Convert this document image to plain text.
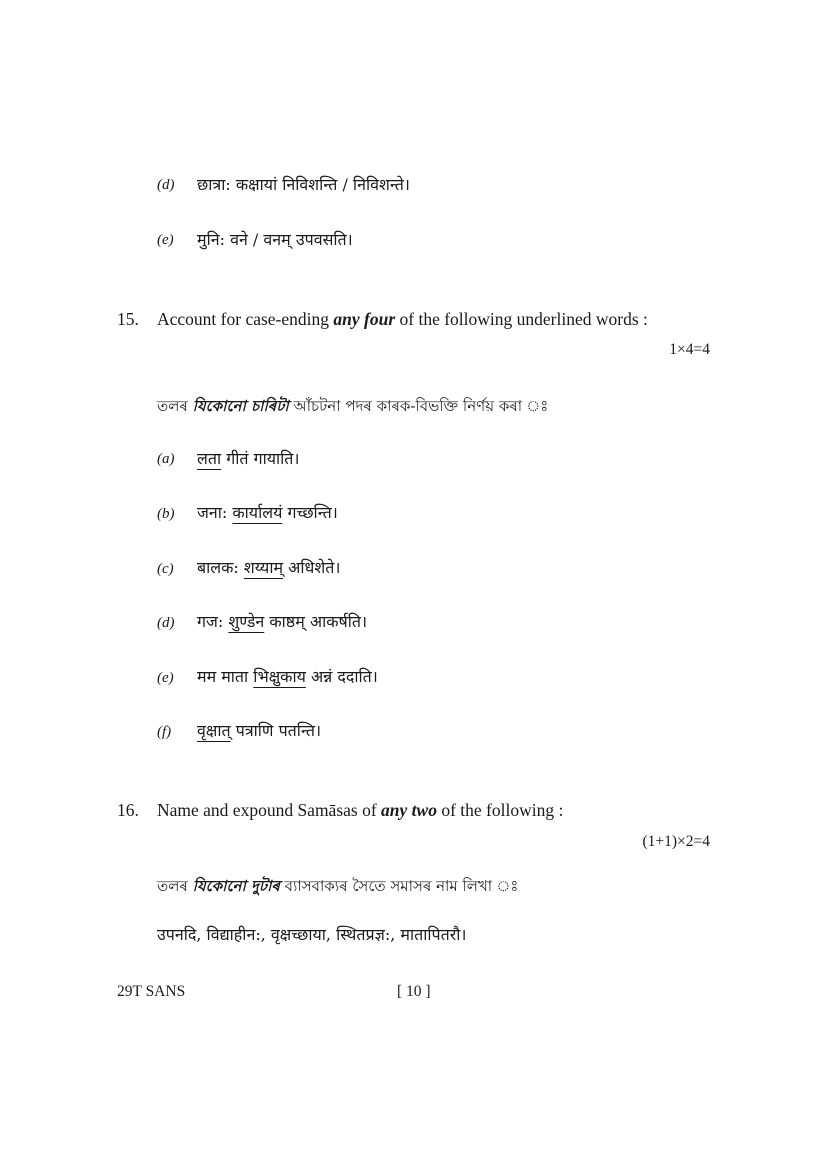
(d) छात्रा: कक्षायां निविशन्ति / निविशन्ते।
(e) मुनि: वने / वनम् उपवसति।
15. Account for case-ending any four of the following underlined words :
1×4=4
তলৰ যিকোনো চাৰিটা আঁচটনা পদৰ কাৰক-বিভক্তি নিৰ্ণয় কৰা ঃ
(a) लता गीतं गायाति।
(b) जना: कार्यालयं गच्छन्ति।
(c) बालक: शय्याम् अधिशेते।
(d) गज: शुण्डेन काष्ठम् आकर्षति।
(e) मम माता भिक्षुकाय अन्नं ददाति।
(f) वृक्षात् पत्राणि पतन्ति।
16. Name and expound Samāsas of any two of the following :
(1+1)×2=4
তলৰ যিকোনো দুটাৰ ব্যাসবাক্যৰ সৈতে সমাসৰ নাম লিখা ঃ
उपनदि, विद्याहीन:, वृक्षच्छाया, स्थितप्रज्ञ:, मातापितरौ।
29T SANS	[ 10 ]
